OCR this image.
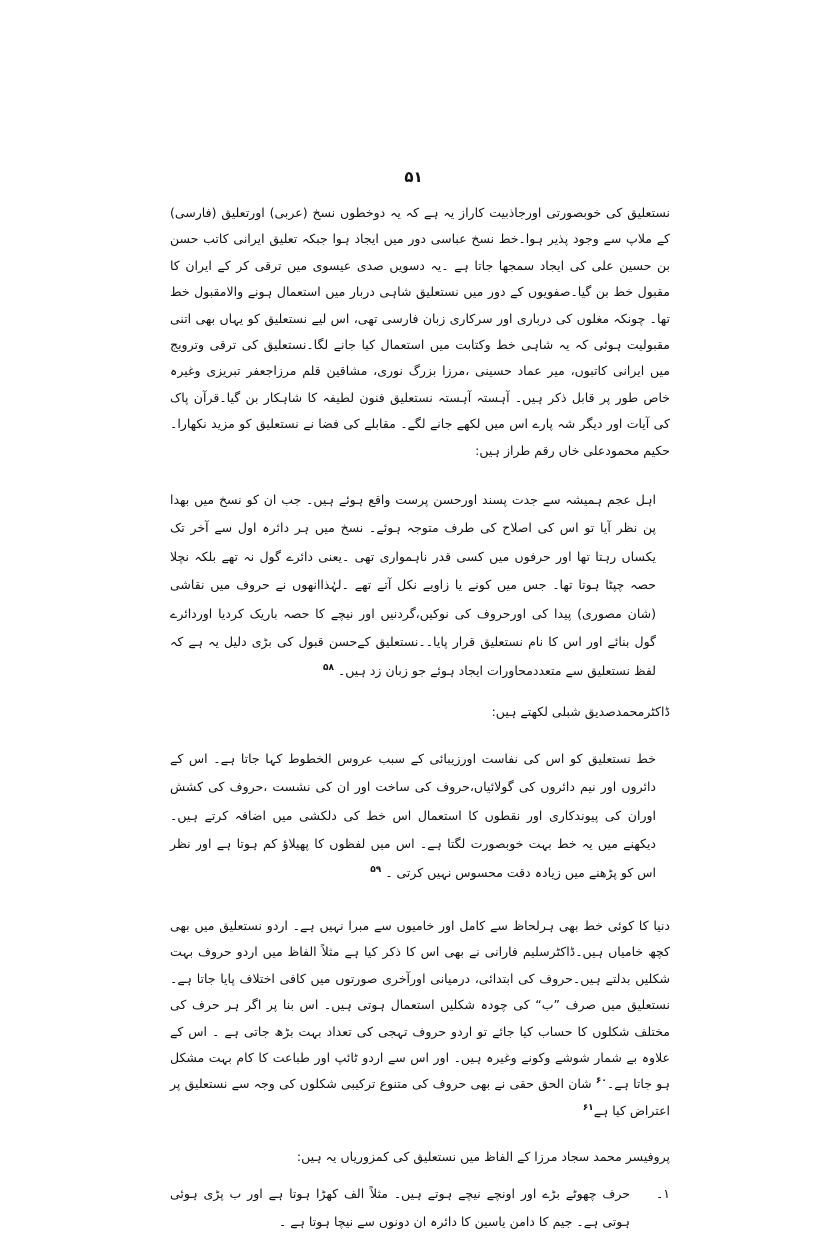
۵۱

نستعلیق کی خوبصورتی اورجاذبیت کاراز یہ ہے کہ یہ دوخطوں نسخ (عربی) اورتعلیق (فارسی) کے ملاپ سے وجود پذیر ہوا۔خط نسخ عباسی دور میں ایجاد ہوا جبکہ تعلیق ایرانی کاتب حسن بن حسین علی کی ایجاد سمجھا جاتا ہے ۔یہ دسویں صدی عیسوی میں ترقی کر کے ایران کا مقبول خط بن گیا۔صفویوں کے دور میں نستعلیق شاہی دربار میں استعمال ہونے والامقبول خط تھا۔ چونکہ مغلوں کی درباری اور سرکاری زبان فارسی تھی، اس لیے نستعلیق کو یہاں بھی اتنی مقبولیت ہوئی کہ یہ شاہی خط وکتابت میں استعمال کیا جانے لگا۔نستعلیق کی ترقی وترویج میں ایرانی کاتبوں، میر عماد حسینی ،مرزا بزرگ نوری، مشاقین قلم مرزاجعفر تبریزی وغیرہ خاص طور پر قابل ذکر ہیں۔ آہستہ آہستہ نستعلیق فنون لطیفہ کا شاہکار بن گیا۔قرآن پاک کی آیات اور دیگر شہ پارے اس میں لکھے جانے لگے۔ مقابلے کی فضا نے نستعلیق کو مزید نکھارا۔حکیم محمودعلی خاں رقم طراز ہیں:

اہل عجم ہمیشہ سے جدت پسند اورحسن پرست واقع ہوئے ہیں۔ جب ان کو نسخ میں بھدا پن نظر آیا تو اس کی اصلاح کی طرف متوجہ ہوئے۔ نسخ میں ہر دائرہ اول سے آخر تک یکساں رہتا تھا اور حرفوں میں کسی قدر ناہمواری تھی ۔یعنی دائرے گول نہ تھے بلکہ نچلا حصہ چپٹا ہوتا تھا۔ جس میں کونے یا زاویے نکل آتے تھے ۔لہٰذاانھوں نے حروف میں نقاشی (شان مصوری) پیدا کی اورحروف کی نوکیں،گردنیں اور نیچے کا حصہ باریک کردیا اوردائرے گول بنائے اور اس کا نام نستعلیق قرار پایا۔۔نستعلیق کےحسن قبول کی بڑی دلیل یہ ہے کہ لفظ نستعلیق سے متعددمحاورات ایجاد ہوئے جو زبان زد ہیں۔ $^{۵۸}$

ڈاکٹرمحمدصدیق شبلی لکھتے ہیں:

خط نستعلیق کو اس کی نفاست اورزیبائی کے سبب عروس الخطوط کہا جاتا ہے۔ اس کے دائروں اور نیم دائروں کی گولائیاں،حروف کی ساخت اور ان کی نشست ،حروف کی کشش اوران کی پیوندکاری اور نقطوں کا استعمال اس خط کی دلکشی میں اضافہ کرتے ہیں۔ دیکھنے میں یہ خط بہت خوبصورت لگتا ہے۔ اس میں لفظوں کا پھیلاؤ کم ہوتا ہے اور نظر اس کو پڑھنے میں زیادہ دقت محسوس نہیں کرتی ۔ $^{۵۹}$

دنیا کا کوئی خط بھی ہرلحاظ سے کامل اور خامیوں سے مبرا نہیں ہے۔ اردو نستعلیق میں بھی کچھ خامیاں ہیں۔ڈاکٹرسلیم فارانی نے بھی اس کا ذکر کیا ہے مثلاً الفاظ میں اردو حروف بہت شکلیں بدلتے ہیں۔حروف کی ابتدائی، درمیانی اورآخری صورتوں میں کافی اختلاف پایا جاتا ہے۔نستعلیق میں صرف ”ب“ کی چودہ شکلیں استعمال ہوتی ہیں۔ اس بنا پر اگر ہر حرف کی مختلف شکلوں کا حساب کیا جائے تو اردو حروف تہجی کی تعداد بہت بڑھ جاتی ہے ۔ اس کے علاوہ بے شمار شوشے وکونے وغیرہ ہیں۔ اور اس سے اردو ٹائپ اور طباعت کا کام بہت مشکل ہو جاتا ہے۔$^{۶۰}$ شان الحق حقی نے بھی حروف کی متنوع ترکیبی شکلوں کی وجہ سے نستعلیق پر اعتراض کیا ہے$^{۶۱}$

پروفیسر محمد سجاد مرزا کے الفاظ میں نستعلیق کی کمزوریاں یہ ہیں:

۱۔
حرف چھوٹے بڑے اور اونچے نیچے ہوتے ہیں۔ مثلاً الف کھڑا ہوتا ہے اور ب پڑی ہوئی ہوتی ہے۔ جیم کا دامن یاسین کا دائرہ ان دونوں سے نیچا ہوتا ہے ۔
